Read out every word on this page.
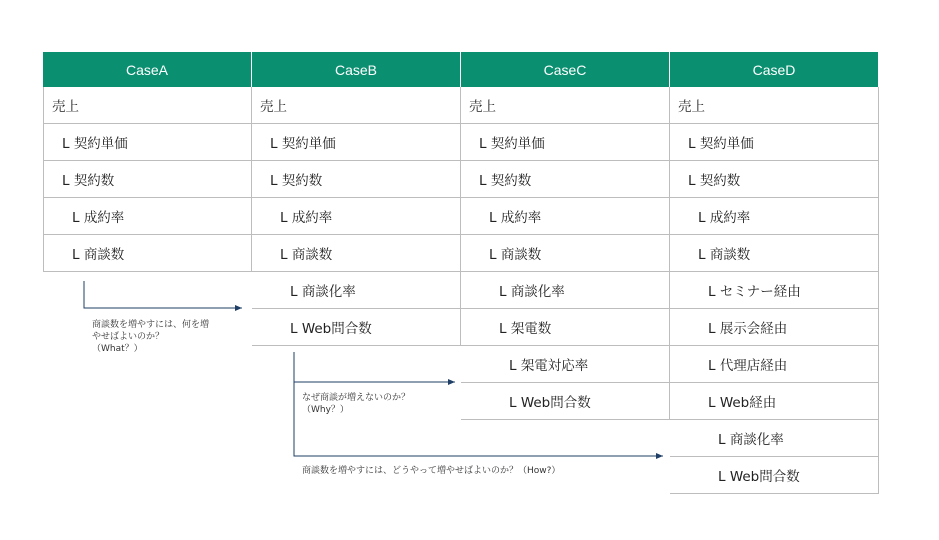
CaseA
売上
L 契約単価
L 契約数
L 成約率
L 商談数
CaseB
売上
L 契約単価
L 契約数
L 成約率
L 商談数
L 商談化率
L Web問合数
CaseC
売上
L 契約単価
L 契約数
L 成約率
L 商談数
L 商談化率
L 架電数
L 架電対応率
L Web問合数
CaseD
売上
L 契約単価
L 契約数
L 成約率
L 商談数
L セミナー経由
L 展示会経由
L 代理店経由
L Web経由
L 商談化率
L Web問合数
商談数を増やすには、何を増
やせばよいのか？
（What？）
なぜ商談が増えないのか？
（Why？）
商談数を増やすには、どうやって増やせばよいのか？（How?）
